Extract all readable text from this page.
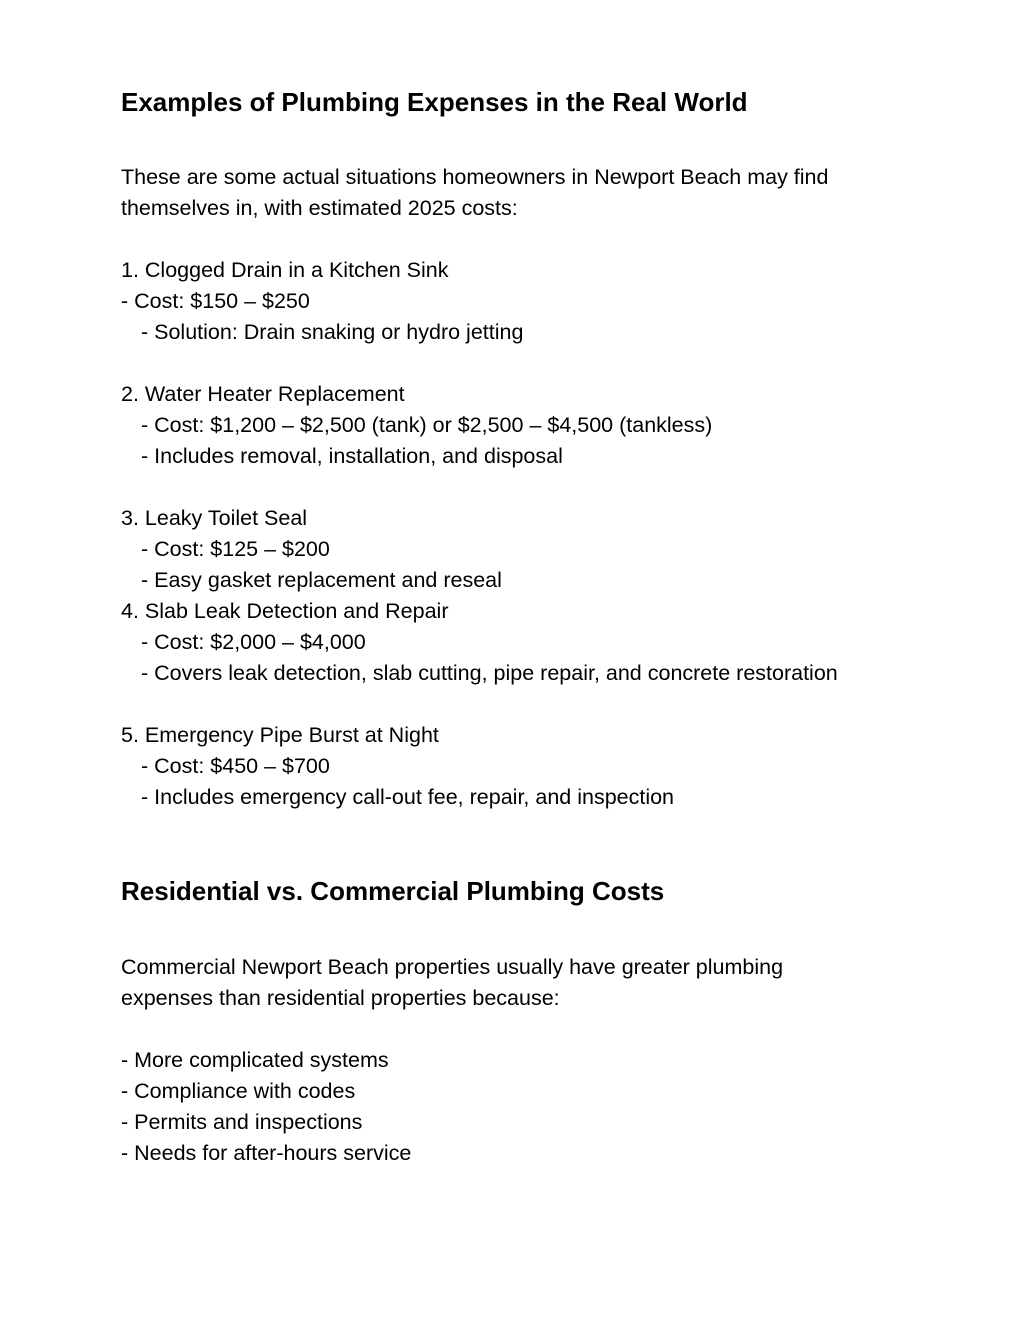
Examples of Plumbing Expenses in the Real World
These are some actual situations homeowners in Newport Beach may find
themselves in, with estimated 2025 costs:
1. Clogged Drain in a Kitchen Sink
- Cost: $150 – $250
- Solution: Drain snaking or hydro jetting
2. Water Heater Replacement
- Cost: $1,200 – $2,500 (tank) or $2,500 – $4,500 (tankless)
- Includes removal, installation, and disposal
3. Leaky Toilet Seal
- Cost: $125 – $200
- Easy gasket replacement and reseal
4. Slab Leak Detection and Repair
- Cost: $2,000 – $4,000
- Covers leak detection, slab cutting, pipe repair, and concrete restoration
5. Emergency Pipe Burst at Night
- Cost: $450 – $700
- Includes emergency call-out fee, repair, and inspection
Residential vs. Commercial Plumbing Costs
Commercial Newport Beach properties usually have greater plumbing
expenses than residential properties because:
- More complicated systems
- Compliance with codes
- Permits and inspections
- Needs for after-hours service
